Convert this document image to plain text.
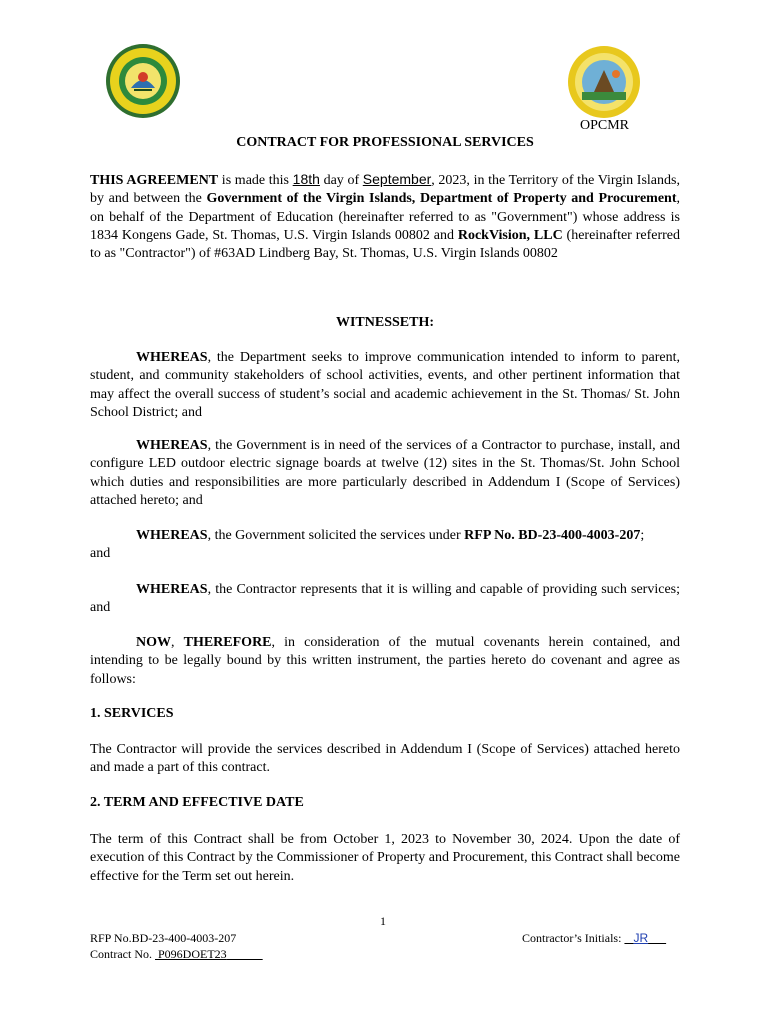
OPCMR
CONTRACT FOR PROFESSIONAL SERVICES

THIS AGREEMENT is made this 18th day of September, 2023, in the Territory of the Virgin Islands, by and between the Government of the Virgin Islands, Department of Property and Procurement, on behalf of the Department of Education (hereinafter referred to as "Government") whose address is 1834 Kongens Gade, St. Thomas, U.S. Virgin Islands 00802 and RockVision, LLC (hereinafter referred to as "Contractor") of #63AD Lindberg Bay, St. Thomas, U.S. Virgin Islands 00802

WITNESSETH:

WHEREAS, the Department seeks to improve communication intended to inform to parent, student, and community stakeholders of school activities, events, and other pertinent information that may affect the overall success of student’s social and academic achievement in the St. Thomas/ St. John School District; and

WHEREAS, the Government is in need of the services of a Contractor to purchase, install, and configure LED outdoor electric signage boards at twelve (12) sites in the St. Thomas/St. John School which duties and responsibilities are more particularly described in Addendum I (Scope of Services) attached hereto; and

WHEREAS, the Government solicited the services under RFP No. BD-23-400-4003-207;

and

WHEREAS, the Contractor represents that it is willing and capable of providing such services; and

NOW, THEREFORE, in consideration of the mutual covenants herein contained, and intending to be legally bound by this written instrument, the parties hereto do covenant and agree as follows:

1. SERVICES

The Contractor will provide the services described in Addendum I (Scope of Services) attached hereto and made a part of this contract.

2. TERM AND EFFECTIVE DATE

The term of this Contract shall be from October 1, 2023 to November 30, 2024. Upon the date of execution of this Contract by the Commissioner of Property and Procurement, this Contract shall become effective for the Term set out herein.

1
RFP No.BD-23-400-4003-207
Contract No.  P096DOET23
Contractor’s Initials:    JR
